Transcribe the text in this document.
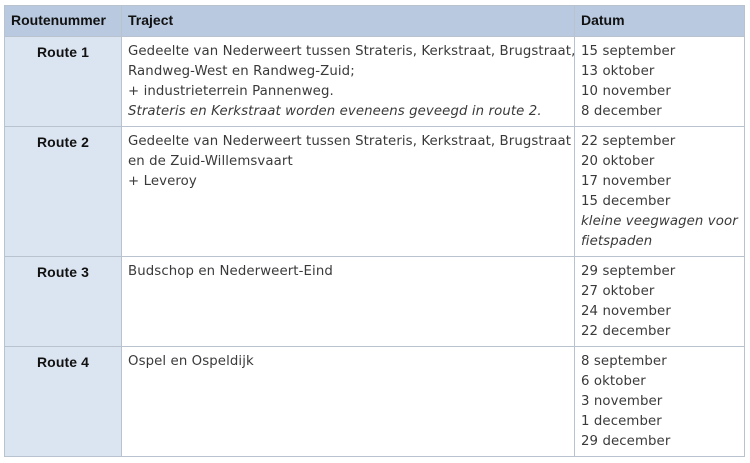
Routenummer	Traject	Datum
Route 1	Gedeelte van Nederweert tussen Strateris, Kerkstraat, Brugstraat,
Randweg-West en Randweg-Zuid;
+ industrieterrein Pannenweg.
Strateris en Kerkstraat worden eveneens geveegd in route 2.	15 september
13 oktober
10 november
8 december

Route 2	Gedeelte van Nederweert tussen Strateris, Kerkstraat, Brugstraat
en de Zuid-Willemsvaart
+ Leveroy	22 september
20 oktober
17 november
15 december
kleine veegwagen voor fietspaden

Route 3	Budschop en Nederweert-Eind	29 september
27 oktober
24 november
22 december

Route 4	Ospel en Ospeldijk	8 september
6 oktober
3 november
1 december
29 december
